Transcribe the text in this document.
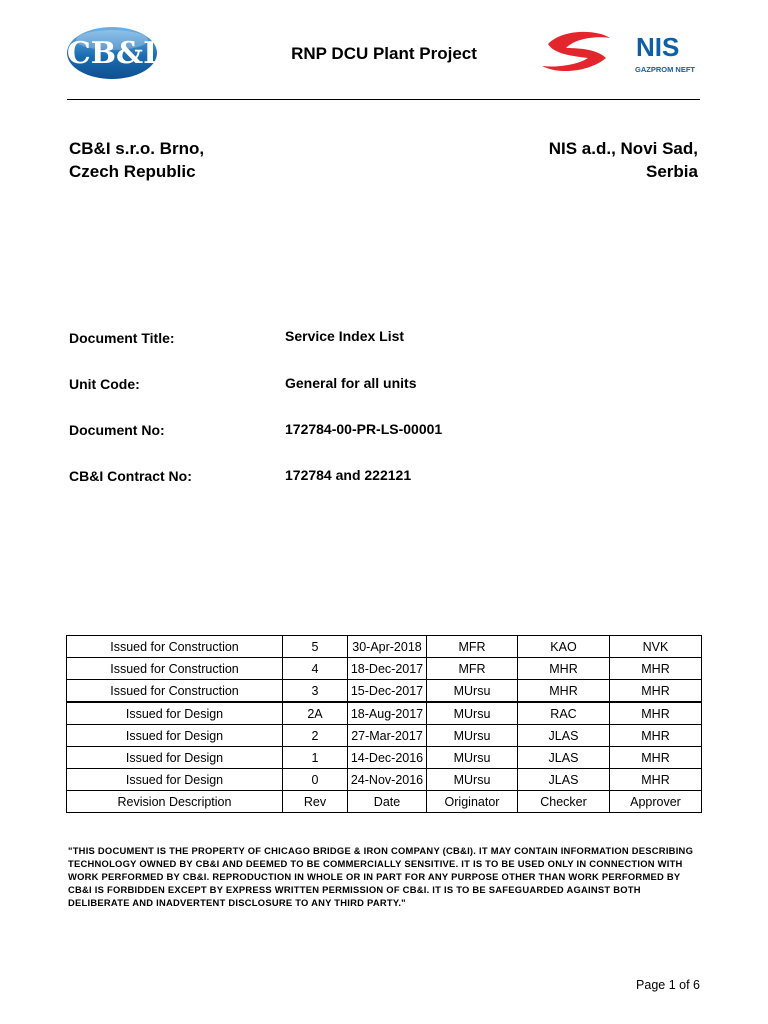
CB&I	RNP DCU Plant Project	NIS
GAZPROM NEFT
CB&I s.r.o. Brno,
Czech Republic
NIS a.d., Novi Sad,
Serbia
Document Title:	Service Index List
Unit Code:	General for all units
Document No:	172784-00-PR-LS-00001
CB&I Contract No:	172784 and 222121
Issued for Construction	5	30-Apr-2018	MFR	KAO	NVK
Issued for Construction	4	18-Dec-2017	MFR	MHR	MHR
Issued for Construction	3	15-Dec-2017	MUrsu	MHR	MHR
Issued for Design	2A	18-Aug-2017	MUrsu	RAC	MHR
Issued for Design	2	27-Mar-2017	MUrsu	JLAS	MHR
Issued for Design	1	14-Dec-2016	MUrsu	JLAS	MHR
Issued for Design	0	24-Nov-2016	MUrsu	JLAS	MHR
Revision Description	Rev	Date	Originator	Checker	Approver
"THIS DOCUMENT IS THE PROPERTY OF CHICAGO BRIDGE & IRON COMPANY (CB&I). IT MAY CONTAIN INFORMATION DESCRIBING TECHNOLOGY OWNED BY CB&I AND DEEMED TO BE COMMERCIALLY SENSITIVE. IT IS TO BE USED ONLY IN CONNECTION WITH WORK PERFORMED BY CB&I. REPRODUCTION IN WHOLE OR IN PART FOR ANY PURPOSE OTHER THAN WORK PERFORMED BY CB&I IS FORBIDDEN EXCEPT BY EXPRESS WRITTEN PERMISSION OF CB&I. IT IS TO BE SAFEGUARDED AGAINST BOTH DELIBERATE AND INADVERTENT DISCLOSURE TO ANY THIRD PARTY."
Page 1 of 6
